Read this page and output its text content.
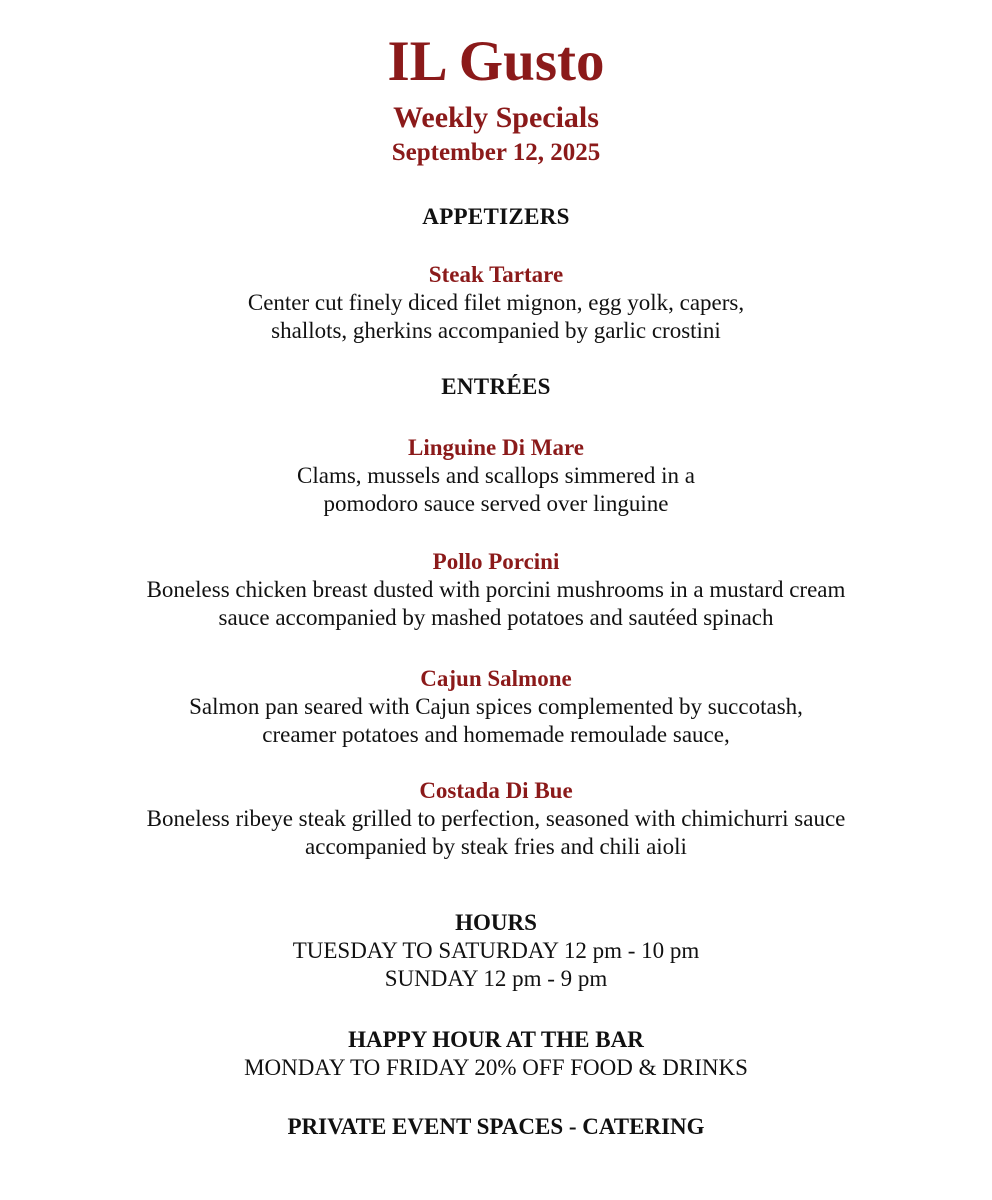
IL Gusto
Weekly Specials
September 12, 2025
APPETIZERS
Steak Tartare
Center cut finely diced filet mignon, egg yolk, capers,
shallots, gherkins accompanied by garlic crostini
ENTRÉES
Linguine Di Mare
Clams, mussels and scallops simmered in a
pomodoro sauce served over linguine
Pollo Porcini
Boneless chicken breast dusted with porcini mushrooms in a mustard cream
sauce accompanied by mashed potatoes and sautéed spinach
Cajun Salmone
Salmon pan seared with Cajun spices complemented by succotash,
creamer potatoes and homemade remoulade sauce,
Costada Di Bue
Boneless ribeye steak grilled to perfection, seasoned with chimichurri sauce
accompanied by steak fries and chili aioli
HOURS
TUESDAY TO SATURDAY 12 pm - 10 pm
SUNDAY 12 pm - 9 pm
HAPPY HOUR AT THE BAR
MONDAY TO FRIDAY 20% OFF FOOD & DRINKS
PRIVATE EVENT SPACES - CATERING
